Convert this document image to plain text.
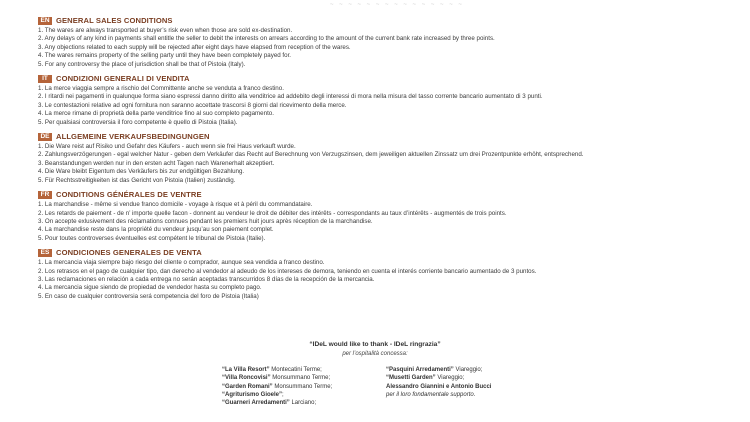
~ ~ ~ ~ ~ ~ ~ ~ ~ ~ ~ ~ ~ ~ ~
EN GENERAL SALES CONDITIONS
1. The wares are always transported at buyer’s risk even when those are sold ex-destination.
2. Any delays of any kind in payments shall entitle the seller to debit the interests on arrears according to the amount of the current bank rate increased by three points.
3. Any objections related to each supply will be rejected after eight days have elapsed from reception of the wares.
4. The wares remains property of the selling party until they have been completely payed for.
5. For any controversy the place of jurisdiction shall be that of Pistoia (Italy).
IT	CONDIZIONI GENERALI DI VENDITA
1. La merce viaggia sempre a rischio del Committente anche se venduta a franco destino.
2. I ritardi nei pagamenti in qualunque forma siano espressi danno diritto alla venditrice ad addebito degli interessi di mora nella misura del tasso corrente bancario aumentato di 3 punti.
3. Le contestazioni relative ad ogni fornitura non saranno accettate trascorsi 8 giorni dal ricevimento della merce.
4. La merce rimane di proprietà della parte venditrice fino al suo completo pagamento.
5. Per qualsiasi controversia il foro competente è quello di Pistoia (Italia).
DE ALLGEMEINE VERKAUFSBEDINGUNGEN
1. Die Ware reist auf Risiko und Gefahr des Käufers - auch wenn sie frei Haus verkauft wurde.
2. Zahlungsverzögerungen - egal welcher Natur - geben dem Verkäufer das Recht auf Berechnung von Verzugszinsen, dem jeweiligen aktuellen Zinssatz um drei Prozentpunkte erhöht, entsprechend.
3. Beanstandungen werden nur in den ersten acht Tagen nach Warenerhalt akzeptiert.
4. Die Ware bleibt Eigentum des Verkäufers bis zur endgültigen Bezahlung.
5. Für Rechtsstreitigkeiten ist das Gericht von Pistoia (Italien) zuständig.
FR CONDITIONS GÉNÉRALES DE VENTRE
1. La marchandise - même si vendue franco domicile - voyage à risque et à péril du commandataire.
2. Les retards de paiement - de n’ importe quelle facon - donnent au vendeur le droit de débiter des intérêts - correspondants au taux d’intérêts - augmentés de trois points.
3. On accepte exlusivement des réclamations connues pendant les premiers huit jours après réception de la marchandise.
4. La marchandise reste dans la propriété du vendeur jusqu’au son paiement complet.
5. Pour toutes controverses éventuelles est compétent le tribunal de Pistoia (Italie).
ES CONDICIONES GENERALES DE VENTA
1. La mercancia viaja siempre bajo riesgo del cliente o comprador, aunque sea vendida a franco destino.
2. Los retrasos en el pago de cualquier tipo, dan derecho al vendedor al adeudo de los intereses de demora, teniendo en cuenta el interés corriente bancario aumentado de 3 puntos.
3. Las reclamaciones en relación a cada entrega no serán aceptadas transcurridos 8 días de la recepción de la mercancia.
4. La mercancia sigue siendo de propiedad de vendedor hasta su completo pago.
5. En caso de cualquier controversia será competencia del foro de Pistoia (Italia)
“IDeL would like to thank - IDeL ringrazia”
per l’ospitalità concessa:
“La Villa Resort” Montecatini Terme;
“Villa Roncovisi” Monsummano Terme;
“Garden Romani” Monsummano Terme;
“Agriturismo Gioele”;
“Guarneri Arredamenti” Larciano;
“Pasquini Arredamenti” Viareggio;
“Musetti Garden” Viareggio;
Alessandro Giannini e Antonio Bucci
per il loro fondamentale supporto.
